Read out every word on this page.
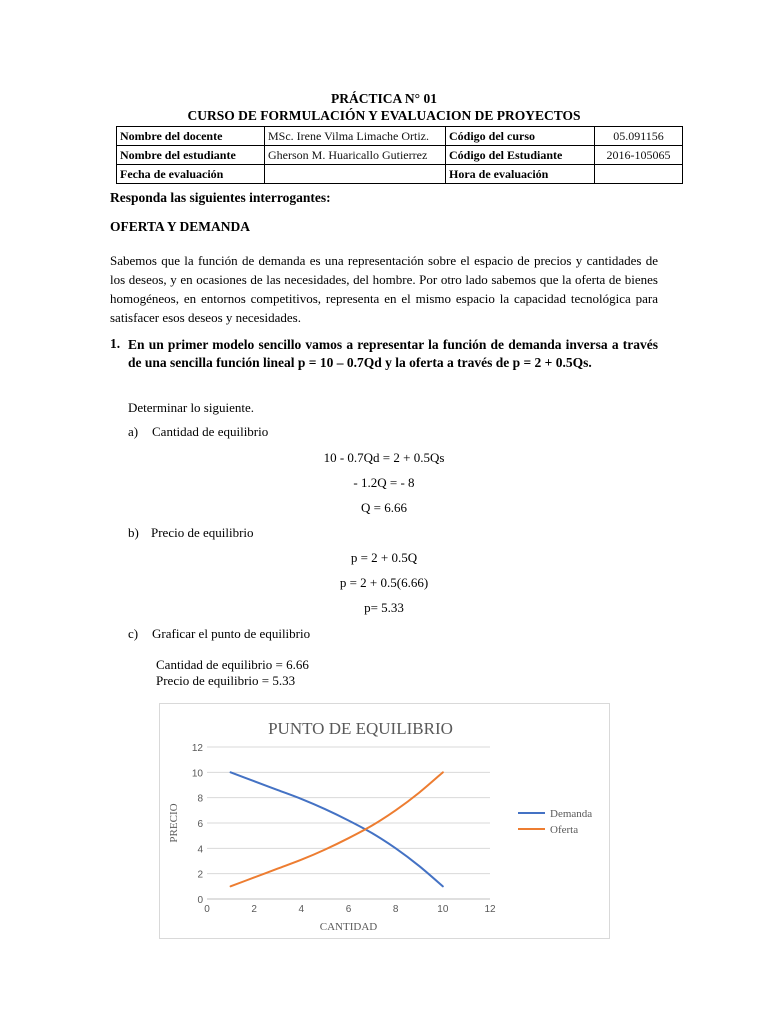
PRÁCTICA N° 01
CURSO DE FORMULACIÓN Y EVALUACION DE PROYECTOS
Nombre del docente	MSc. Irene Vilma Limache Ortiz.	Código del curso	05.091156
Nombre del estudiante	Gherson M. Huaricallo Gutierrez	Código del Estudiante	2016-105065
Fecha de evaluación		Hora de evaluación	
Responda las siguientes interrogantes:
OFERTA Y DEMANDA
Sabemos que la función de demanda es una representación sobre el espacio de precios y cantidades de los deseos, y en ocasiones de las necesidades, del hombre. Por otro lado sabemos que la oferta de bienes homogéneos, en entornos competitivos, representa en el mismo espacio la capacidad tecnológica para satisfacer esos deseos y necesidades.
1. En un primer modelo sencillo vamos a representar la función de demanda inversa a través de una sencilla función lineal p = 10 – 0.7Qd y la oferta a través de p = 2 + 0.5Qs.
Determinar lo siguiente.
a) Cantidad de equilibrio
10 - 0.7Qd = 2 + 0.5Qs
- 1.2Q = - 8
Q = 6.66
b) Precio de equilibrio
p = 2 + 0.5Q
p = 2 + 0.5(6.66)
p= 5.33
c) Graficar el punto de equilibrio
Cantidad de equilibrio = 6.66
Precio de equilibrio = 5.33
PUNTO DE EQUILIBRIO
0
2
4
6
8
10
12
0	2	4	6	8	10	12
CANTIDAD
PRECIO	Demanda
Oferta
